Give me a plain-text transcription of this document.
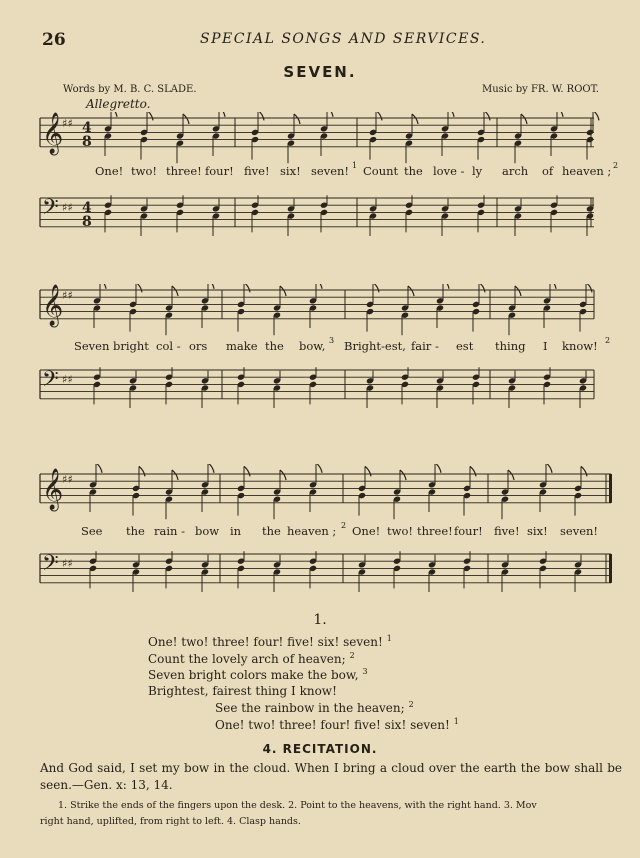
26	SPECIAL SONGS AND SERVICES.
SEVEN.
Words by M. B. C. SLADE.	Music by FR. W. ROOT.
Allegretto.
𝄞
♯♯ 4
8
𝄢 ♯♯ 4
8
One! two! three! four! five! six! seven! 1 Count the love - ly arch of heaven ; 2
𝄞
♯♯
𝄢 ♯♯
Seven bright col - ors make the bow, 3 Bright-est, fair - est thing I know! 2
𝄞
♯♯
𝄢 ♯♯
See the rain - bow in the heaven ; 2 One! two! three! four! five! six! seven!
1.
One! two! three! four! five! six! seven! $^1$
Count the lovely arch of heaven; $^2$
Seven bright colors make the bow, $^3$
Brightest, fairest thing I know!
See the rainbow in the heaven; $^2$
One! two! three! four! five! six! seven! $^1$
4. RECITATION.
And God said, I set my bow in the cloud. When I bring a cloud over the earth the bow shall be seen.—Gen. x: 13, 14.
1. Strike the ends of the fingers upon the desk. 2. Point to the heavens, with the right hand. 3. Mov
right hand, uplifted, from right to left. 4. Clasp hands.
